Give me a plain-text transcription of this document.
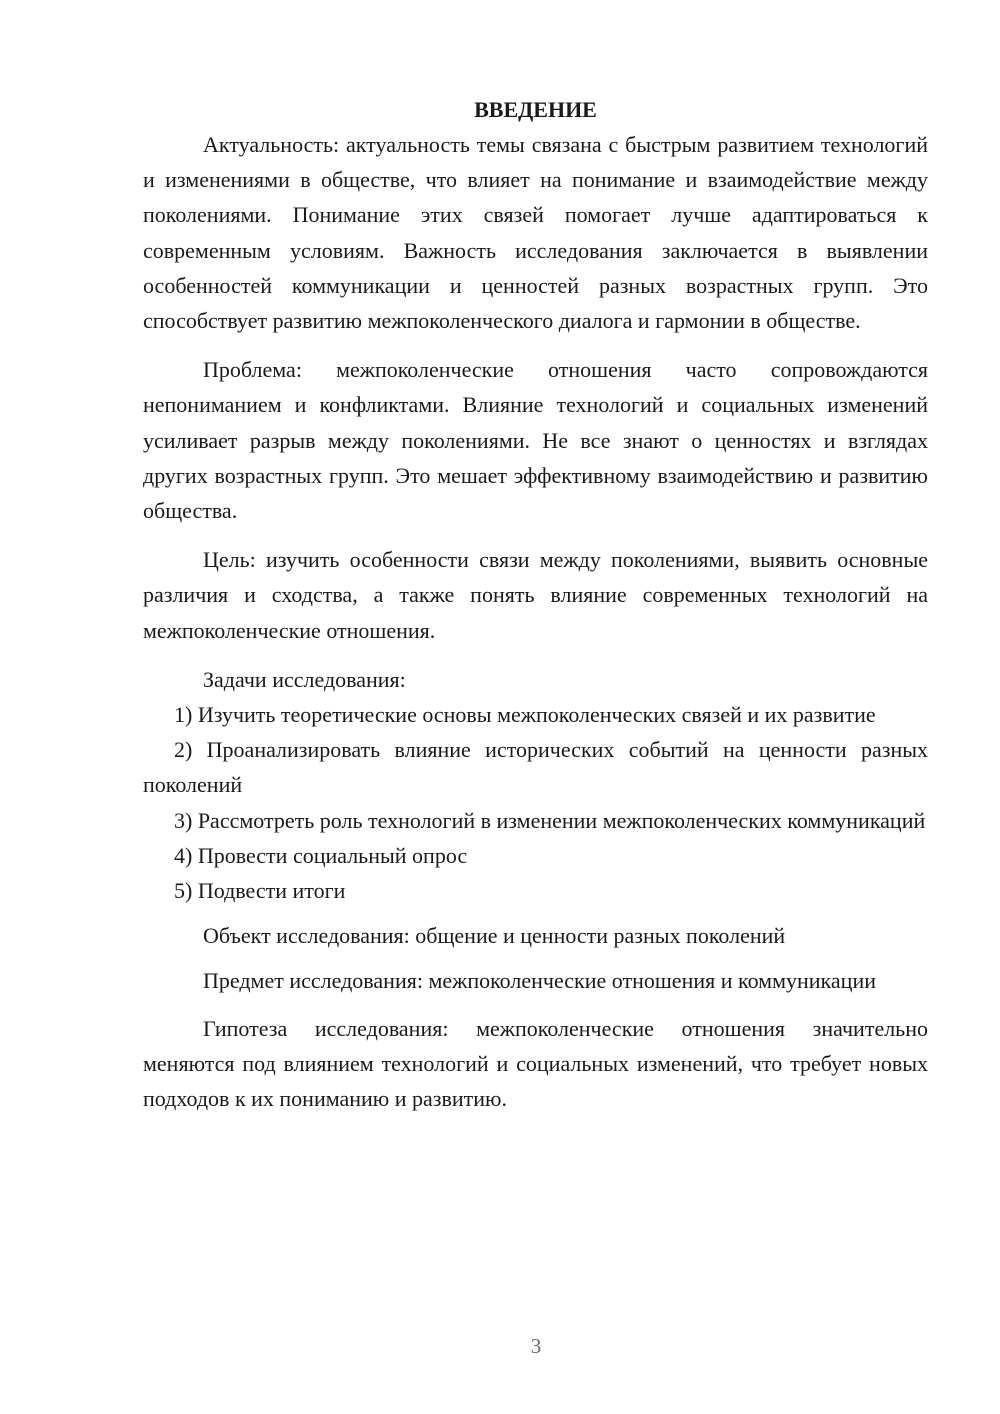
ВВЕДЕНИЕ

Актуальность: актуальность темы связана с быстрым развитием технологий и изменениями в обществе, что влияет на понимание и взаимодействие между поколениями. Понимание этих связей помогает лучше адаптироваться к современным условиям. Важность исследования заключается в выявлении особенностей коммуникации и ценностей разных возрастных групп. Это способствует развитию межпоколенческого диалога и гармонии в обществе.

Проблема: межпоколенческие отношения часто сопровождаются непониманием и конфликтами. Влияние технологий и социальных изменений усиливает разрыв между поколениями. Не все знают о ценностях и взглядах других возрастных групп. Это мешает эффективному взаимодействию и развитию общества.

Цель: изучить особенности связи между поколениями, выявить основные различия и сходства, а также понять влияние современных технологий на межпоколенческие отношения.

Задачи исследования:

1) Изучить теоретические основы межпоколенческих связей и их развитие

2) Проанализировать влияние исторических событий на ценности разных поколений

3) Рассмотреть роль технологий в изменении межпоколенческих коммуникаций

4) Провести социальный опрос

5) Подвести итоги

Объект исследования: общение и ценности разных поколений

Предмет исследования: межпоколенческие отношения и коммуникации

Гипотеза исследования: межпоколенческие отношения значительно меняются под влиянием технологий и социальных изменений, что требует новых подходов к их пониманию и развитию.

3
